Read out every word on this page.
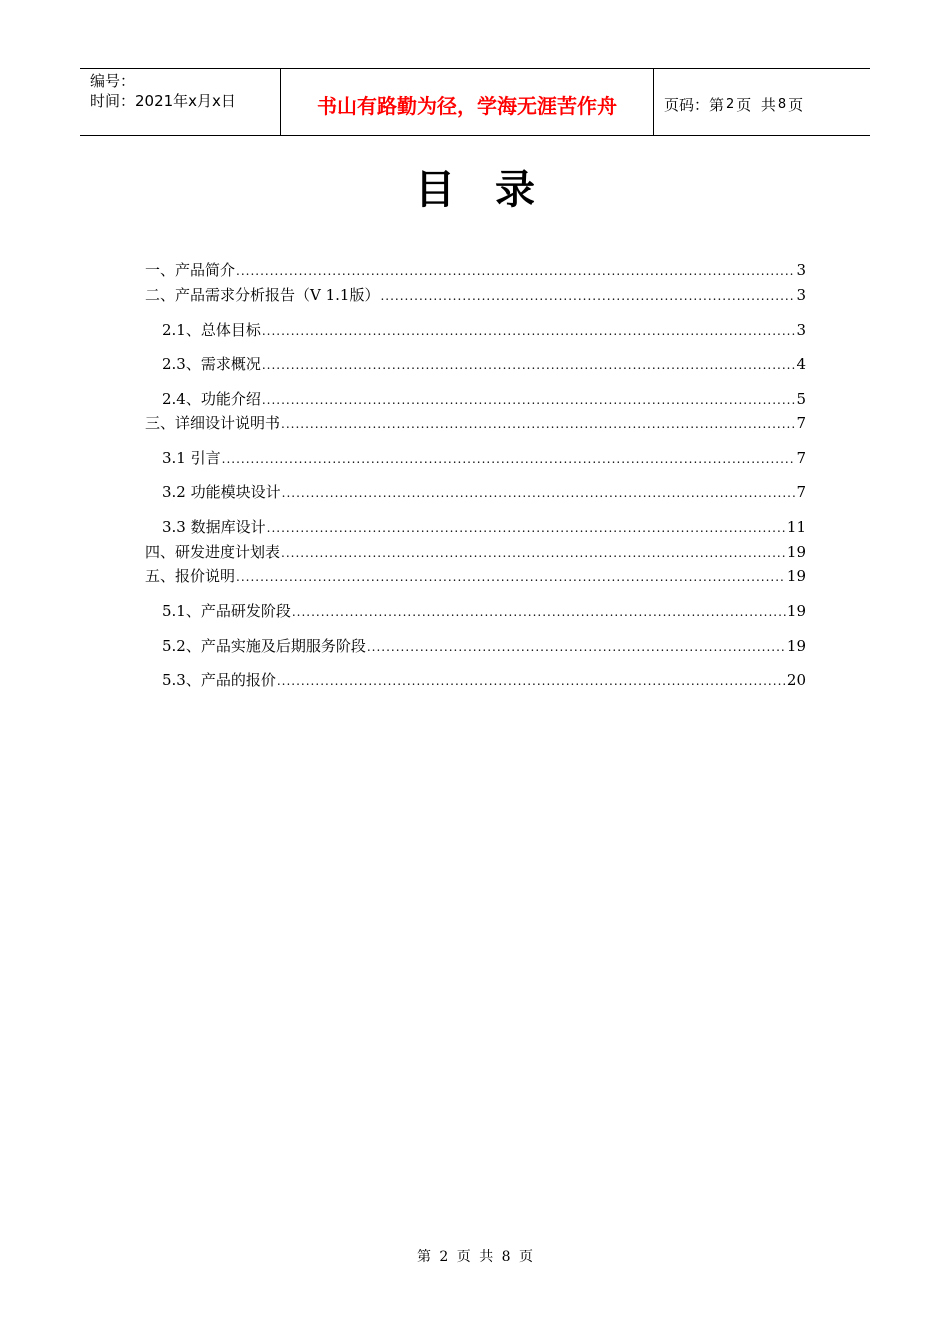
编号：
时间：2021年x月x日	书山有路勤为径，学海无涯苦作舟	页码：第 2 页  共 8 页
目录
一、产品简介 .....	3
二、产品需求分析报告（V 1.1版） .....	3
2.1、总体目标 .....	3
2.3、需求概况 .....	4
2.4、功能介绍 .....	5
三、详细设计说明书 .....	7
3.1 引言 .....	7
3.2 功能模块设计 .....	7
3.3 数据库设计 .....	11
四、研发进度计划表 .....	19
五、报价说明 .....	19
5.1、产品研发阶段 .....	19
5.2、产品实施及后期服务阶段 .....	19
5.3、产品的报价 .....	20
第 2 页 共 8 页
